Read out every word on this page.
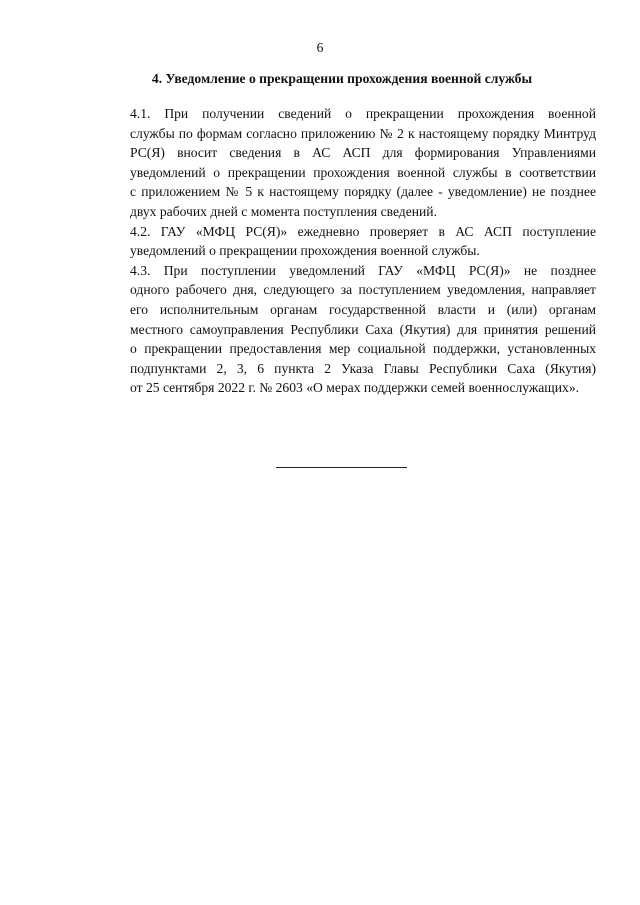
6
4. Уведомление о прекращении прохождения военной службы

4.1. При получении сведений о прекращении прохождения военной
службы по формам согласно приложению № 2 к настоящему порядку Минтруд
РС(Я) вносит сведения в АС АСП для формирования Управлениями
уведомлений о прекращении прохождения военной службы в соответствии
с приложением № 5 к настоящему порядку (далее - уведомление) не позднее
двух рабочих дней с момента поступления сведений.

4.2. ГАУ «МФЦ РС(Я)» ежедневно проверяет в АС АСП поступление
уведомлений о прекращении прохождения военной службы.

4.3. При поступлении уведомлений ГАУ «МФЦ РС(Я)» не позднее
одного рабочего дня, следующего за поступлением уведомления, направляет
его исполнительным органам государственной власти и (или) органам
местного самоуправления Республики Саха (Якутия) для принятия решений
о прекращении предоставления мер социальной поддержки, установленных
подпунктами 2, 3, 6 пункта 2 Указа Главы Республики Саха (Якутия)
от 25 сентября 2022 г. № 2603 «О мерах поддержки семей военнослужащих».
